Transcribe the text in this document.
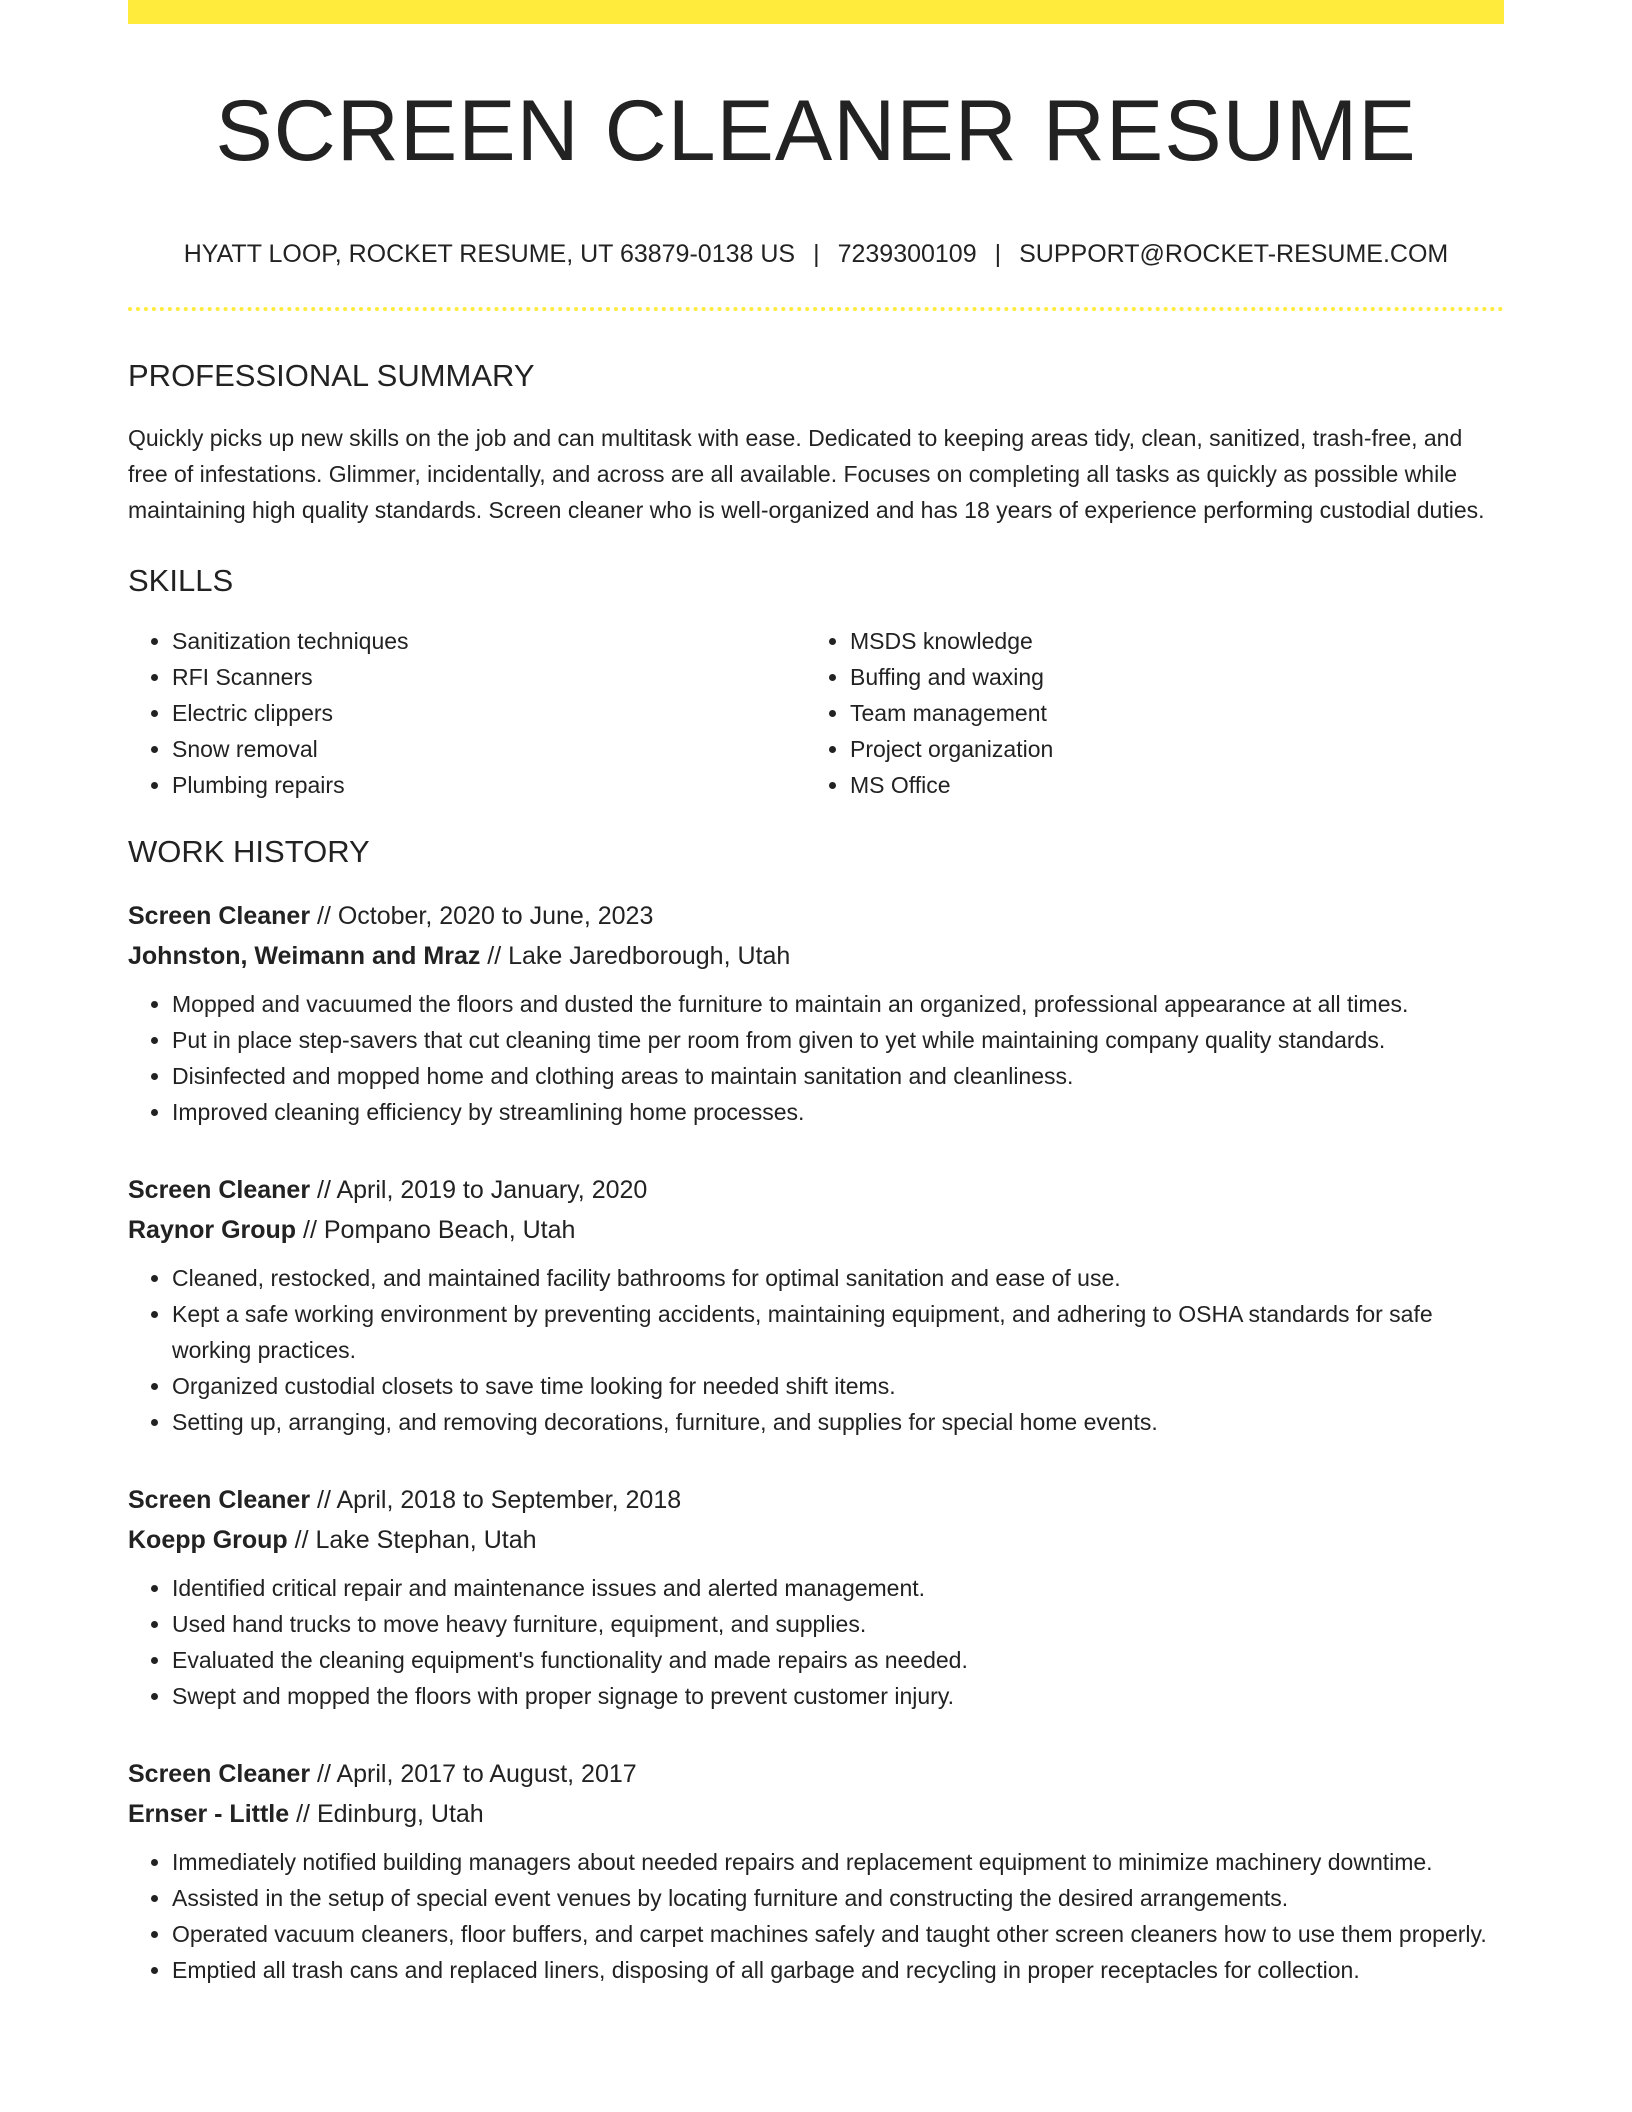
SCREEN CLEANER RESUME
HYATT LOOP, ROCKET RESUME, UT 63879-0138 US | 7239300109 | SUPPORT@ROCKET-RESUME.COM
PROFESSIONAL SUMMARY
Quickly picks up new skills on the job and can multitask with ease. Dedicated to keeping areas tidy, clean, sanitized, trash-free, and free of infestations. Glimmer, incidentally, and across are all available. Focuses on completing all tasks as quickly as possible while maintaining high quality standards. Screen cleaner who is well-organized and has 18 years of experience performing custodial duties.
SKILLS
• Sanitization techniques
• RFI Scanners
• Electric clippers
• Snow removal
• Plumbing repairs
• MSDS knowledge
• Buffing and waxing
• Team management
• Project organization
• MS Office
WORK HISTORY
Screen Cleaner // October, 2020 to June, 2023
Johnston, Weimann and Mraz // Lake Jaredborough, Utah
• Mopped and vacuumed the floors and dusted the furniture to maintain an organized, professional appearance at all times.
• Put in place step-savers that cut cleaning time per room from given to yet while maintaining company quality standards.
• Disinfected and mopped home and clothing areas to maintain sanitation and cleanliness.
• Improved cleaning efficiency by streamlining home processes.
Screen Cleaner // April, 2019 to January, 2020
Raynor Group // Pompano Beach, Utah
• Cleaned, restocked, and maintained facility bathrooms for optimal sanitation and ease of use.
• Kept a safe working environment by preventing accidents, maintaining equipment, and adhering to OSHA standards for safe working practices.
• Organized custodial closets to save time looking for needed shift items.
• Setting up, arranging, and removing decorations, furniture, and supplies for special home events.
Screen Cleaner // April, 2018 to September, 2018
Koepp Group // Lake Stephan, Utah
• Identified critical repair and maintenance issues and alerted management.
• Used hand trucks to move heavy furniture, equipment, and supplies.
• Evaluated the cleaning equipment's functionality and made repairs as needed.
• Swept and mopped the floors with proper signage to prevent customer injury.
Screen Cleaner // April, 2017 to August, 2017
Ernser - Little // Edinburg, Utah
• Immediately notified building managers about needed repairs and replacement equipment to minimize machinery downtime.
• Assisted in the setup of special event venues by locating furniture and constructing the desired arrangements.
• Operated vacuum cleaners, floor buffers, and carpet machines safely and taught other screen cleaners how to use them properly.
• Emptied all trash cans and replaced liners, disposing of all garbage and recycling in proper receptacles for collection.
